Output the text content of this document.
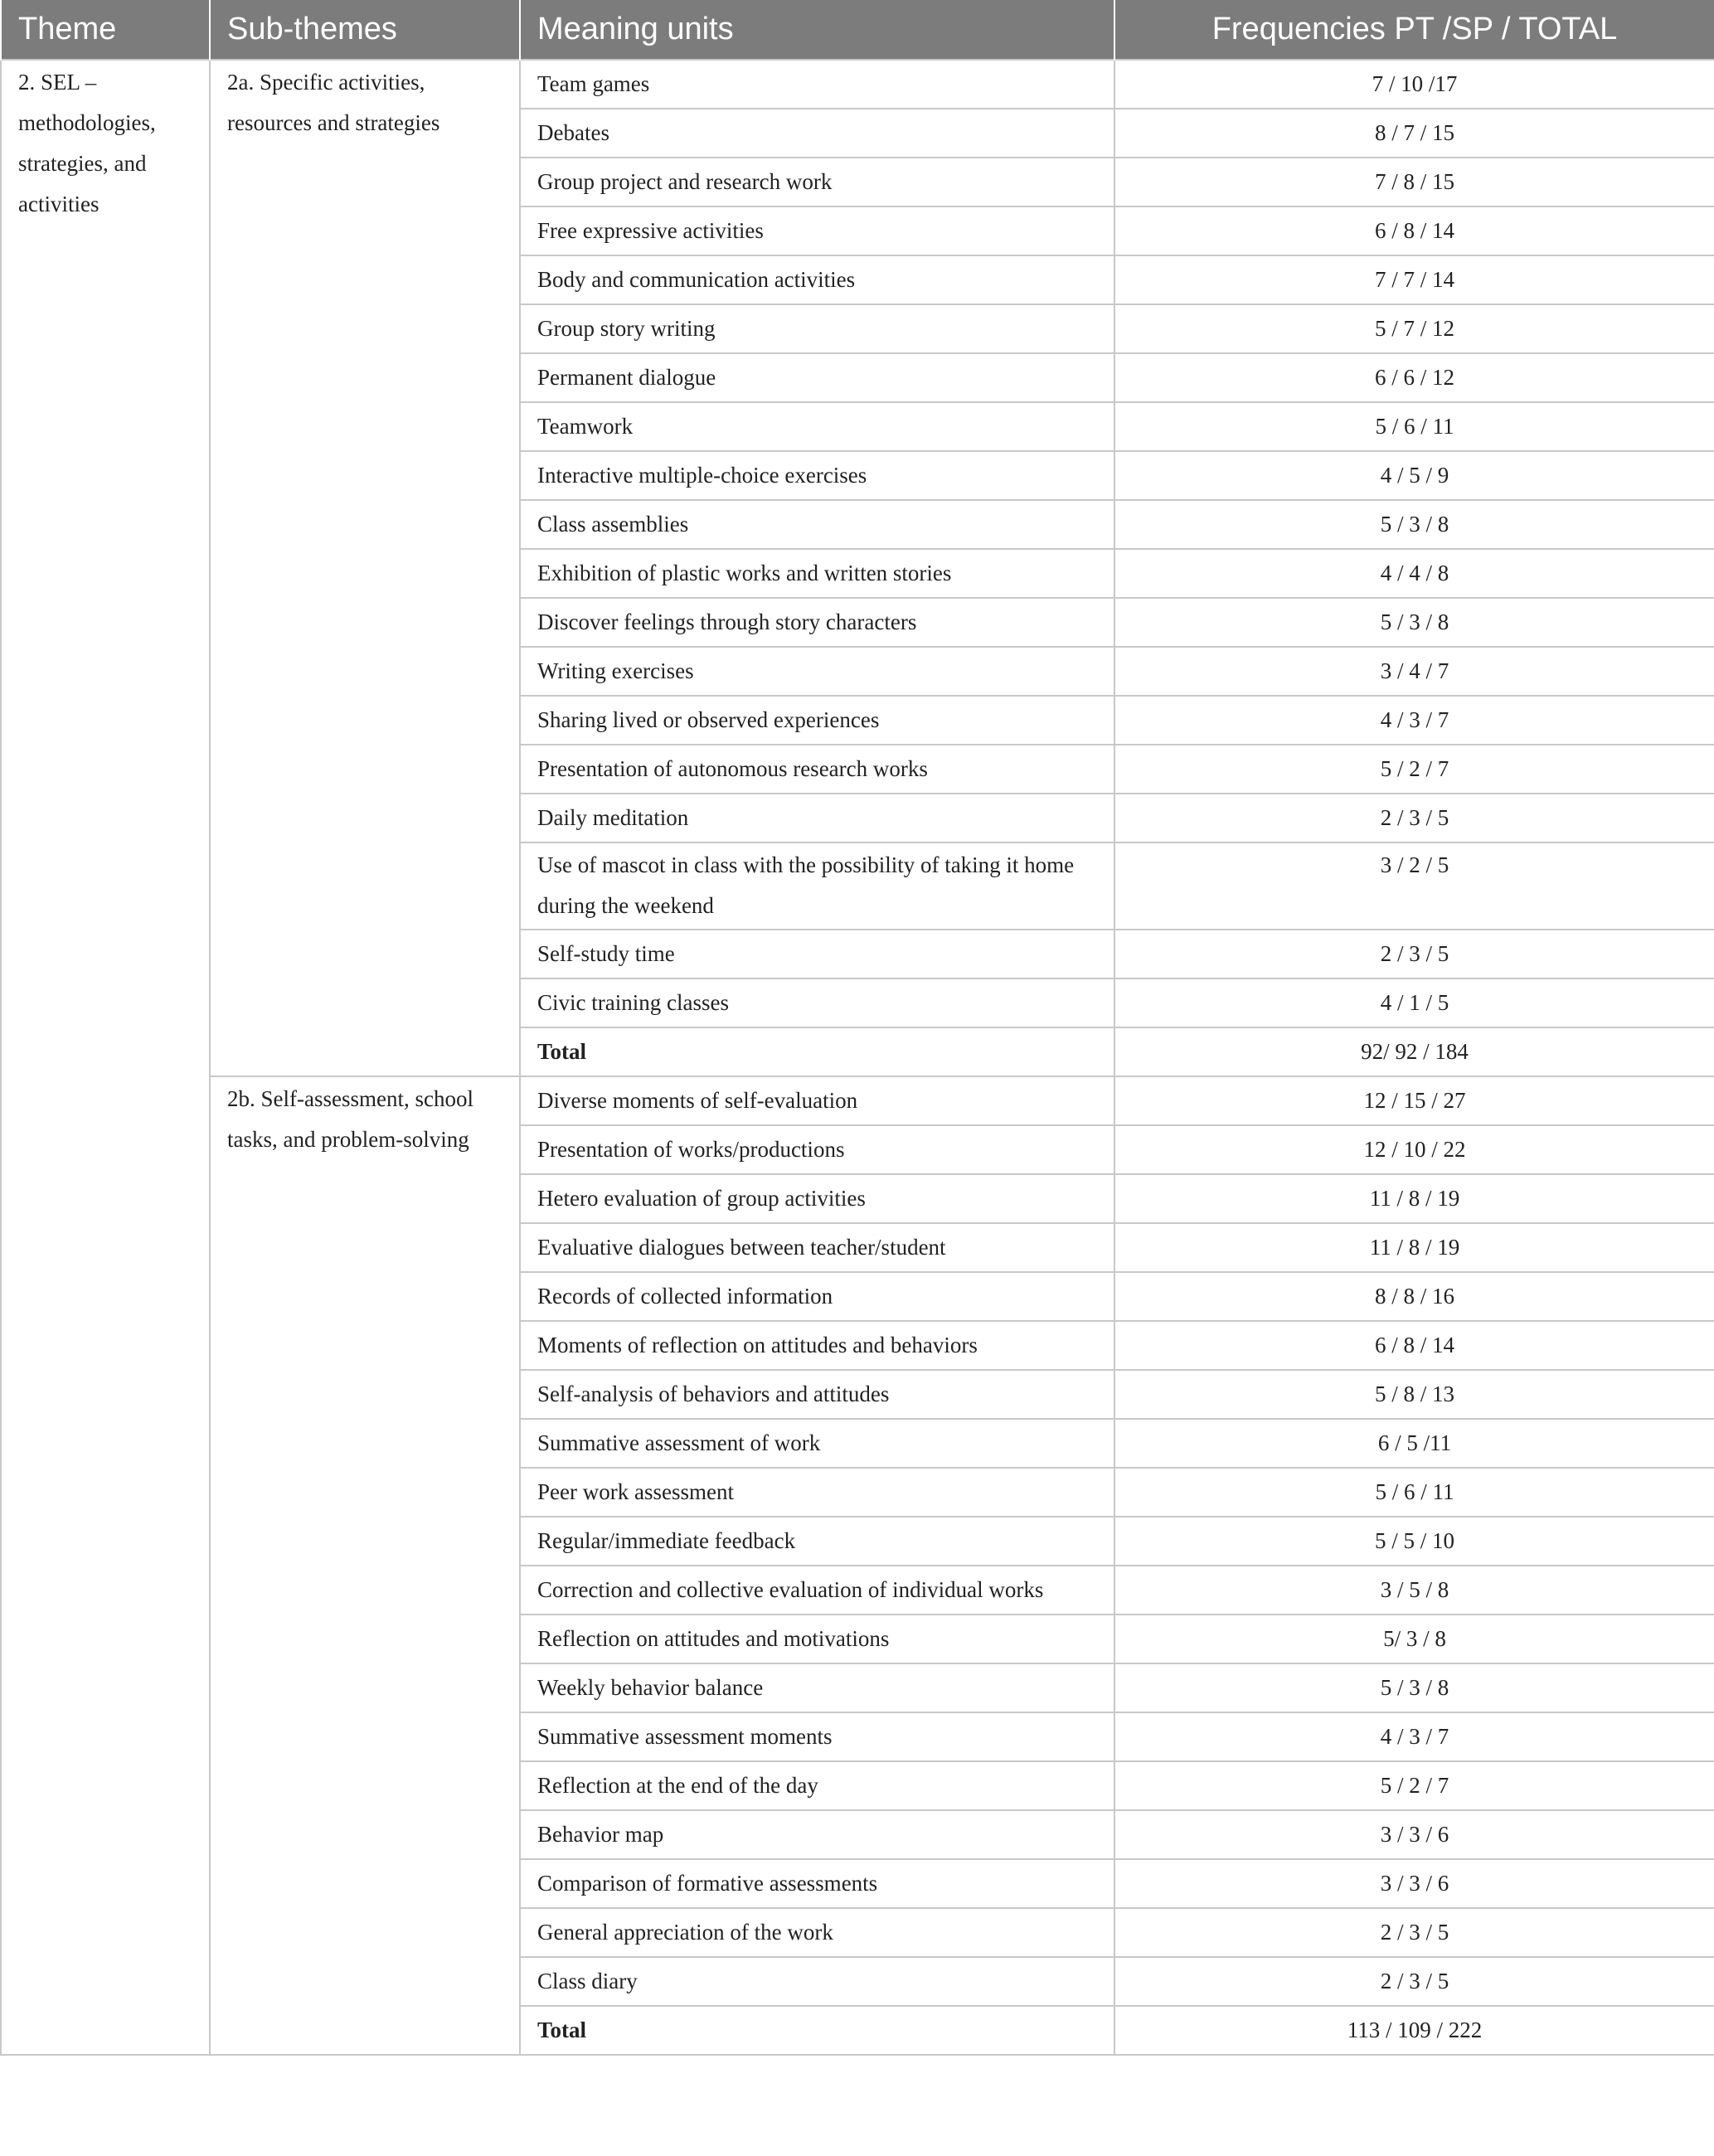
Theme	Sub-themes	Meaning units	Frequencies PT /SP / TOTAL
2. SEL – methodologies, strategies, and activities	2a. Specific activities, resources and strategies	Team games	7 / 10 /17
		Debates	8 / 7 / 15
		Group project and research work	7 / 8 / 15
		Free expressive activities	6 / 8 / 14
		Body and communication activities	7 / 7 / 14
		Group story writing	5 / 7 / 12
		Permanent dialogue	6 / 6 / 12
		Teamwork	5 / 6 / 11
		Interactive multiple-choice exercises	4 / 5 / 9
		Class assemblies	5 / 3 / 8
		Exhibition of plastic works and written stories	4 / 4 / 8
		Discover feelings through story characters	5 / 3 / 8
		Writing exercises	3 / 4 / 7
		Sharing lived or observed experiences	4 / 3 / 7
		Presentation of autonomous research works	5 / 2 / 7
		Daily meditation	2 / 3 / 5
		Use of mascot in class with the possibility of taking it home during the weekend	3 / 2 / 5
		Self-study time	2 / 3 / 5
		Civic training classes	4 / 1 / 5
		Total	92/ 92 / 184
	2b. Self-assessment, school tasks, and problem-solving	Diverse moments of self-evaluation	12 / 15 / 27
		Presentation of works/productions	12 / 10 / 22
		Hetero evaluation of group activities	11 / 8 / 19
		Evaluative dialogues between teacher/student	11 / 8 / 19
		Records of collected information	8 / 8 / 16
		Moments of reflection on attitudes and behaviors	6 / 8 / 14
		Self-analysis of behaviors and attitudes	5 / 8 / 13
		Summative assessment of work	6 / 5 /11
		Peer work assessment	5 / 6 / 11
		Regular/immediate feedback	5 / 5 / 10
		Correction and collective evaluation of individual works	3 / 5 / 8
		Reflection on attitudes and motivations	5/ 3 / 8
		Weekly behavior balance	5 / 3 / 8
		Summative assessment moments	4 / 3 / 7
		Reflection at the end of the day	5 / 2 / 7
		Behavior map	3 / 3 / 6
		Comparison of formative assessments	3 / 3 / 6
		General appreciation of the work	2 / 3 / 5
		Class diary	2 / 3 / 5
		Total	113 / 109 / 222
